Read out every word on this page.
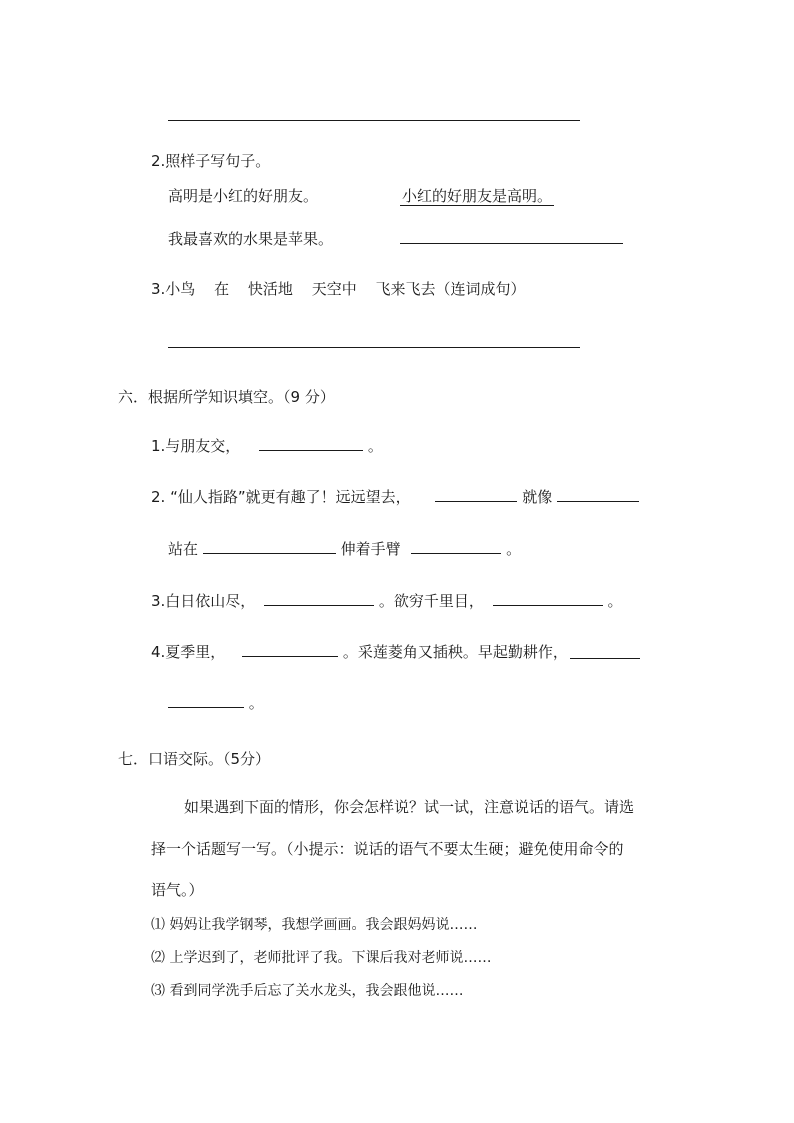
2.照样子写句子。
高明是小红的好朋友。	小红的好朋友是高明。
我最喜欢的水果是苹果。
3.小鸟 在 快活地 天空中 飞来飞去（连词成句）
六．根据所学知识填空。（9 分）
1.与朋友交，	。
2. “仙人指路”就更有趣了！远远望去，	就像
站在	伸着手臂	。
3.白日依山尽，	。欲穷千里目，	。
4.夏季里，	。采莲菱角又插秧。早起勤耕作，
。
七．口语交际。（5分）
如果遇到下面的情形，你会怎样说？试一试，注意说话的语气。请选
择一个话题写一写。（小提示：说话的语气不要太生硬；避免使用命令的
语气。）
⑴ 妈妈让我学钢琴，我想学画画。我会跟妈妈说……
⑵ 上学迟到了，老师批评了我。下课后我对老师说……
⑶ 看到同学洗手后忘了关水龙头，我会跟他说……
